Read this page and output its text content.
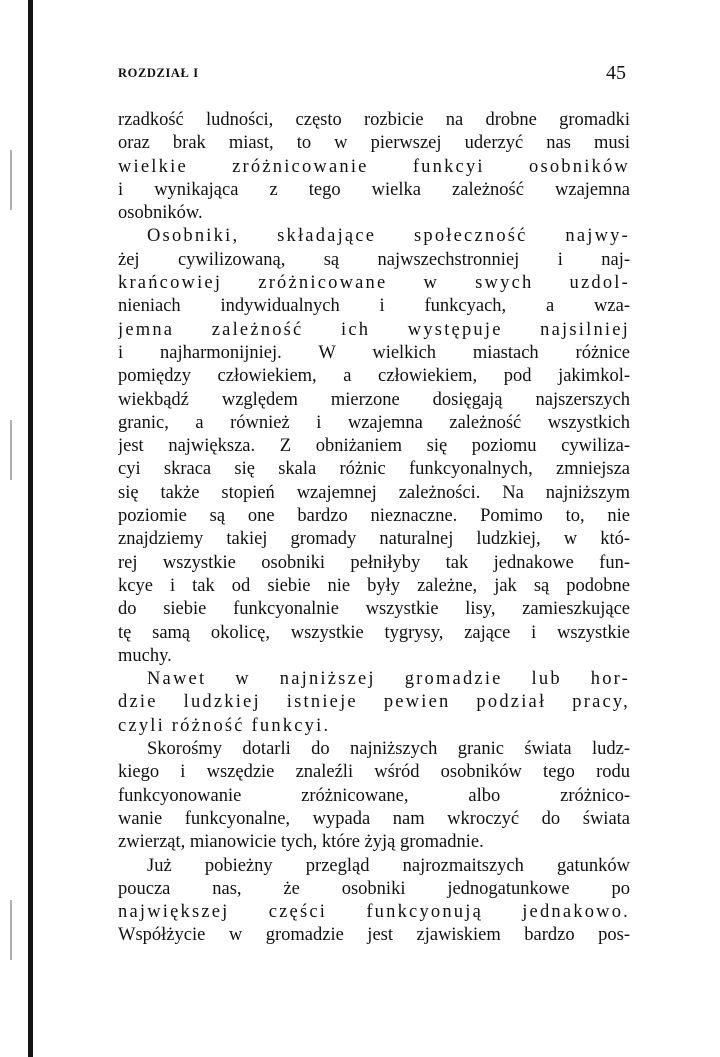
ROZDZIAŁ I	45
rzadkość ludności, często rozbicie na drobne gromadki
oraz brak miast, to w pierwszej uderzyć nas musi
wielkie zróżnicowanie funkcyi osobników
i wynikająca z tego wielka zależność wzajemna
osobników.
Osobniki, składające społeczność najwy-
żej cywilizowaną, są najwszechstronniej i naj-
krańcowiej zróżnicowane w swych uzdol-
nieniach indywidualnych i funkcyach, a wza-
jemna zależność ich występuje najsilniej
i najharmonijniej. W wielkich miastach różnice
pomiędzy człowiekiem, a człowiekiem, pod jakimkol-
wiekbądź względem mierzone dosięgają najszerszych
granic, a również i wzajemna zależność wszystkich
jest największa. Z obniżaniem się poziomu cywiliza-
cyi skraca się skala różnic funkcyonalnych, zmniejsza
się także stopień wzajemnej zależności. Na najniższym
poziomie są one bardzo nieznaczne. Pomimo to, nie
znajdziemy takiej gromady naturalnej ludzkiej, w któ-
rej wszystkie osobniki pełniłyby tak jednakowe fun-
kcye i tak od siebie nie były zależne, jak są podobne
do siebie funkcyonalnie wszystkie lisy, zamieszkujące
tę samą okolicę, wszystkie tygrysy, zające i wszystkie
muchy.
Nawet w najniższej gromadzie lub hor-
dzie ludzkiej istnieje pewien podział pracy,
czyli różność funkcyi.
Skorośmy dotarli do najniższych granic świata ludz-
kiego i wszędzie znaleźli wśród osobników tego rodu
funkcyonowanie zróżnicowane, albo zróżnico-
wanie funkcyonalne, wypada nam wkroczyć do świata
zwierząt, mianowicie tych, które żyją gromadnie.
Już pobieżny przegląd najrozmaitszych gatunków
poucza nas, że osobniki jednogatunkowe po
największej części funkcyonują jednakowo.
Współżycie w gromadzie jest zjawiskiem bardzo pos-
